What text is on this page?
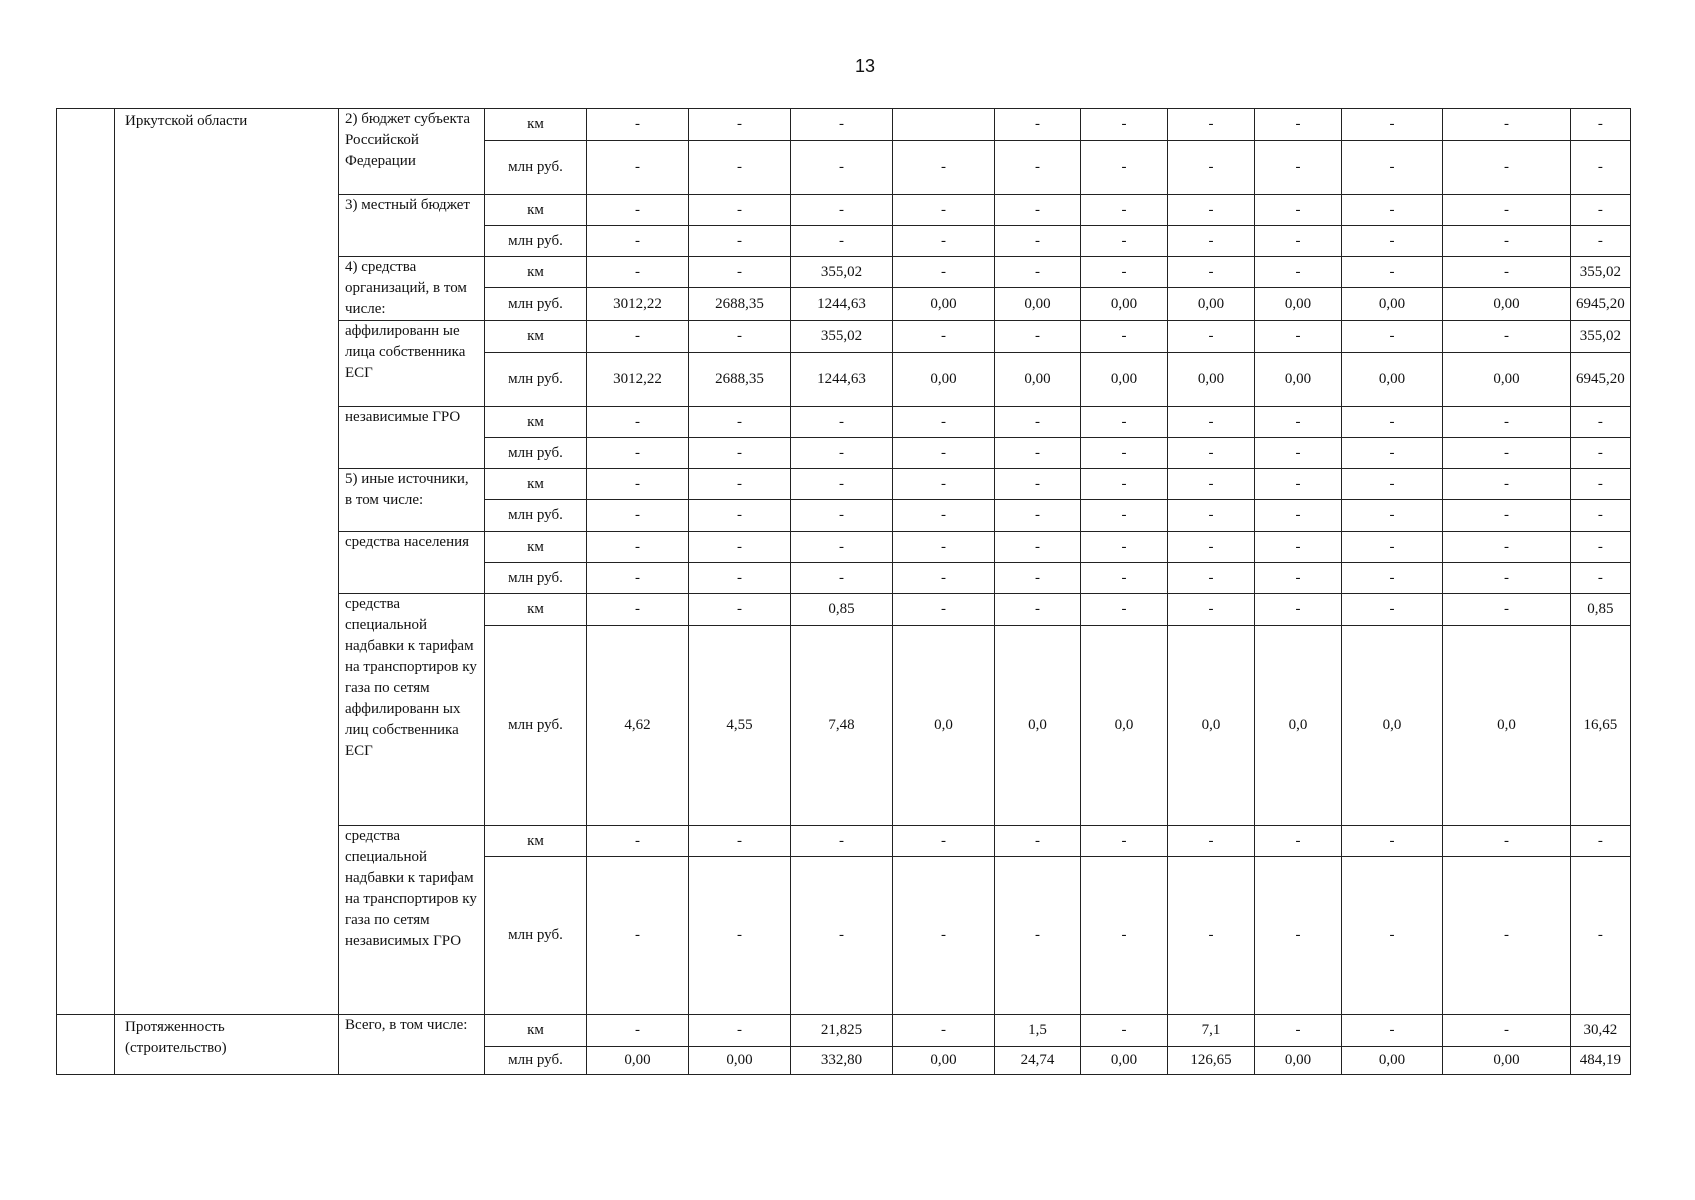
13
	Иркутской области	2) бюджет субъекта Российской Федерации	км	-	-	-		-	-	-	-	-	-	-
			млн руб.	-	-	-	-	-	-	-	-	-	-	-
		3) местный бюджет	км	-	-	-	-	-	-	-	-	-	-	-
			млн руб.	-	-	-	-	-	-	-	-	-	-	-
		4) средства организаций, в том числе:	км	-	-	355,02	-	-	-	-	-	-	-	355,02
			млн руб.	3012,22	2688,35	1244,63	0,00	0,00	0,00	0,00	0,00	0,00	0,00	6945,20
		аффилированн ые лица собственника ЕСГ	км	-	-	355,02	-	-	-	-	-	-	-	355,02
			млн руб.	3012,22	2688,35	1244,63	0,00	0,00	0,00	0,00	0,00	0,00	0,00	6945,20
		независимые ГРО	км	-	-	-	-	-	-	-	-	-	-	-
			млн руб.	-	-	-	-	-	-	-	-	-	-	-
		5) иные источники, в том числе:	км	-	-	-	-	-	-	-	-	-	-	-
			млн руб.	-	-	-	-	-	-	-	-	-	-	-
		средства населения	км	-	-	-	-	-	-	-	-	-	-	-
			млн руб.	-	-	-	-	-	-	-	-	-	-	-
		средства специальной надбавки к тарифам на транспортиров ку газа по сетям аффилированн ых лиц собственника ЕСГ	км	-	-	0,85	-	-	-	-	-	-	-	0,85
			млн руб.	4,62	4,55	7,48	0,0	0,0	0,0	0,0	0,0	0,0	0,0	16,65
		средства специальной надбавки к тарифам на транспортиров ку газа по сетям независимых ГРО	км	-	-	-	-	-	-	-	-	-	-	-
			млн руб.	-	-	-	-	-	-	-	-	-	-	-
	Протяженность (строительство)	Всего, в том числе:	км	-	-	21,825	-	1,5	-	7,1	-	-	-	30,42
			млн руб.	0,00	0,00	332,80	0,00	24,74	0,00	126,65	0,00	0,00	0,00	484,19
